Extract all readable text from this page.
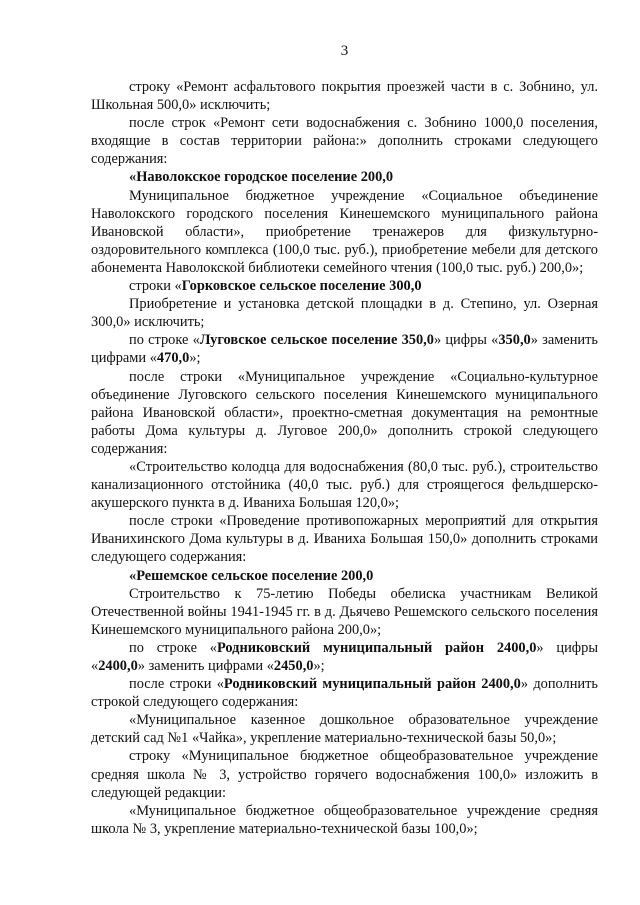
3

строку «Ремонт асфальтового покрытия проезжей части в с. Зобнино, ул. Школьная 500,0» исключить;

после строк «Ремонт сети водоснабжения с. Зобнино 1000,0 поселения, входящие в состав территории района:» дополнить строками следующего содержания:

«Наволокское городское поселение 200,0

Муниципальное бюджетное учреждение «Социальное объединение Наволокского городского поселения Кинешемского муниципального района Ивановской области», приобретение тренажеров для физкультурно-оздоровительного комплекса (100,0 тыс. руб.), приобретение мебели для детского абонемента Наволокской библиотеки семейного чтения (100,0 тыс. руб.) 200,0»;

строки «Горковское сельское поселение 300,0

Приобретение и установка детской площадки в д. Степино, ул. Озерная 300,0» исключить;

по строке «Луговское сельское поселение 350,0» цифры «350,0» заменить цифрами «470,0»;

после строки «Муниципальное учреждение «Социально-культурное объединение Луговского сельского поселения Кинешемского муниципального района Ивановской области», проектно-сметная документация на ремонтные работы Дома культуры д. Луговое 200,0» дополнить строкой следующего содержания:

«Строительство колодца для водоснабжения (80,0 тыс. руб.), строительство канализационного отстойника (40,0 тыс. руб.) для строящегося фельдшерско-акушерского пункта в д. Иваниха Большая 120,0»;

после строки «Проведение противопожарных мероприятий для открытия Иванихинского Дома культуры в д. Иваниха Большая 150,0» дополнить строками следующего содержания:

«Решемское сельское поселение 200,0

Строительство к 75-летию Победы обелиска участникам Великой Отечественной войны 1941-1945 гг. в д. Дьячево Решемского сельского поселения Кинешемского муниципального района 200,0»;

по строке «Родниковский муниципальный район 2400,0» цифры «2400,0» заменить цифрами «2450,0»;

после строки «Родниковский муниципальный район 2400,0» дополнить строкой следующего содержания:

«Муниципальное казенное дошкольное образовательное учреждение детский сад №1 «Чайка», укрепление материально-технической базы 50,0»;

строку «Муниципальное бюджетное общеобразовательное учреждение средняя школа № 3, устройство горячего водоснабжения 100,0» изложить в следующей редакции:

«Муниципальное бюджетное общеобразовательное учреждение средняя школа № 3, укрепление материально-технической базы 100,0»;
